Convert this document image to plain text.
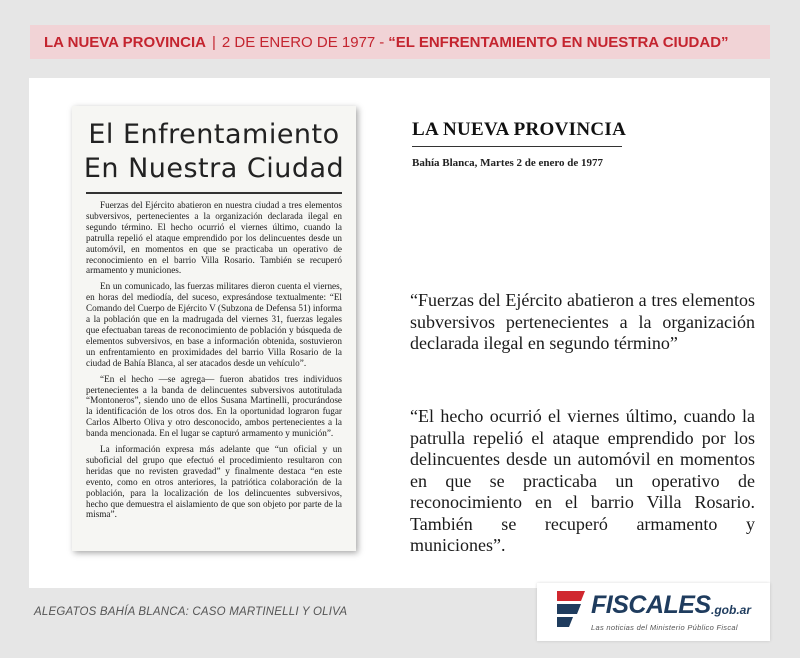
LA NUEVA PROVINCIA | 2 DE ENERO DE 1977 - “EL ENFRENTAMIENTO EN NUESTRA CIUDAD”
El Enfrentamiento
En Nuestra Ciudad

Fuerzas del Ejército abatieron en nuestra ciudad a tres elementos subversivos, pertenecientes a la organización declarada ilegal en segundo término. El hecho ocurrió el viernes último, cuando la patrulla repelió el ataque emprendido por los delincuentes desde un automóvil, en momentos en que se practicaba un operativo de reconocimiento en el barrio Villa Rosario. También se recuperó armamento y municiones.

En un comunicado, las fuerzas militares dieron cuenta el viernes, en horas del mediodía, del suceso, expresándose textualmente: “El Comando del Cuerpo de Ejército V (Subzona de Defensa 51) informa a la población que en la madrugada del viernes 31, fuerzas legales que efectuaban tareas de reconocimiento de población y búsqueda de elementos subversivos, en base a información obtenida, sostuvieron un enfrentamiento en proximidades del barrio Villa Rosario de la ciudad de Bahía Blanca, al ser atacados desde un vehículo”.

“En el hecho —se agrega— fueron abatidos tres individuos pertenecientes a la banda de delincuentes subversivos autotitulada “Montoneros”, siendo uno de ellos Susana Martinelli, procurándose la identificación de los otros dos. En la oportunidad lograron fugar Carlos Alberto Oliva y otro desconocido, ambos pertenecientes a la banda mencionada. En el lugar se capturó armamento y munición”.

La información expresa más adelante que “un oficial y un suboficial del grupo que efectuó el procedimiento resultaron con heridas que no revisten gravedad” y finalmente destaca “en este evento, como en otros anteriores, la patriótica colaboración de la población, para la localización de los delincuentes subversivos, hecho que demuestra el aislamiento de que son objeto por parte de la misma”.

LA NUEVA PROVINCIA
Bahía Blanca, Martes 2 de enero de 1977
“Fuerzas del Ejército abatieron a tres elementos subversivos pertenecientes a la organización declarada ilegal en segundo término”
“El hecho ocurrió el viernes último, cuando la patrulla repelió el ataque emprendido por los delincuentes desde un automóvil en momentos en que se practicaba un operativo de reconocimiento en el barrio Villa Rosario. También se recuperó armamento y municiones”.
ALEGATOS BAHÍA BLANCA: CASO MARTINELLI Y OLIVA	FISCALES .gob.ar
Las noticias del Ministerio Público Fiscal
